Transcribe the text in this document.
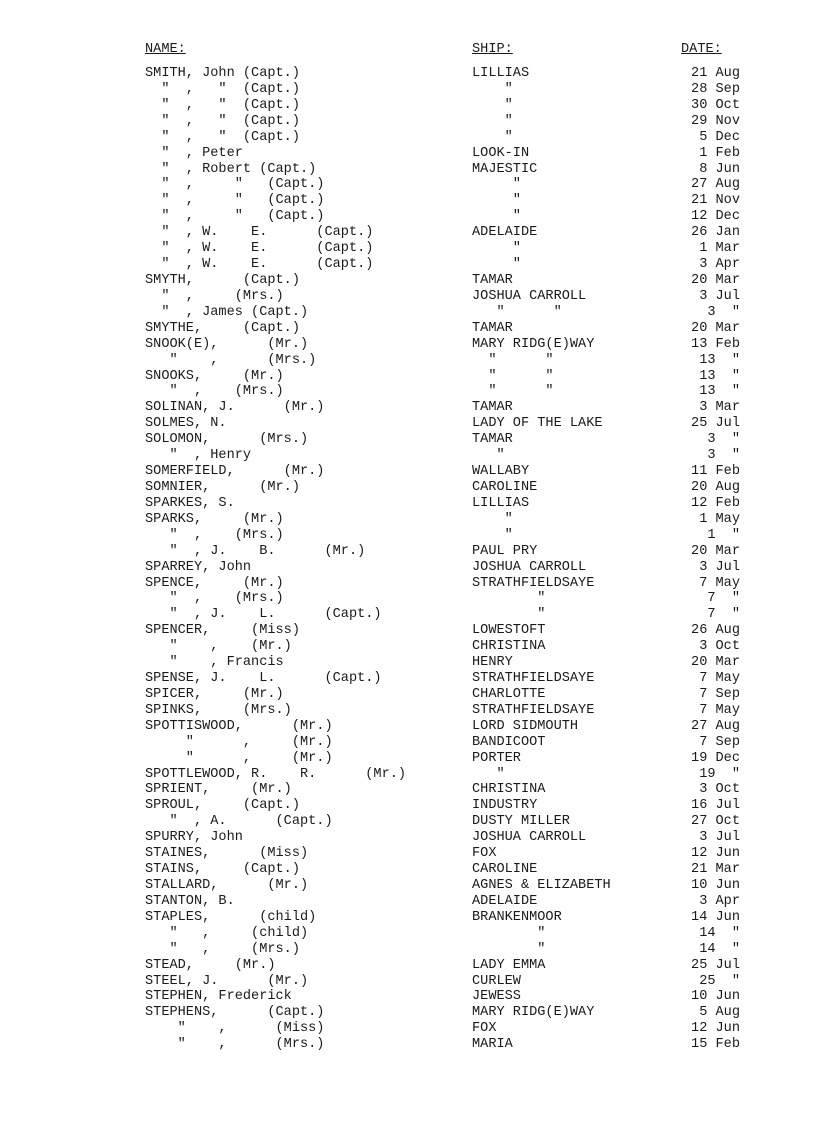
NAME:	SHIP:	DATE:
SMITH, John (Capt.)	LILLIAS	21 Aug
"  ,   "  (Capt.)	"	28 Sep
"  ,   "  (Capt.)	"	30 Oct
"  ,   "  (Capt.)	"	29 Nov
"  ,   "  (Capt.)	"	5 Dec
"  , Peter	LOOK-IN	1 Feb
"  , Robert (Capt.)	MAJESTIC	8 Jun
"  ,     "   (Capt.)	"	27 Aug
"  ,     "   (Capt.)	"	21 Nov
"  ,     "   (Capt.)	"	12 Dec
"  , W.    E.      (Capt.)	ADELAIDE	26 Jan
"  , W.    E.      (Capt.)	"	1 Mar
"  , W.    E.      (Capt.)	"	3 Apr
SMYTH,      (Capt.)	TAMAR	20 Mar
"  ,     (Mrs.)	JOSHUA CARROLL	3 Jul
"  , James (Capt.)	"      "	3  "
SMYTHE,     (Capt.)	TAMAR	20 Mar
SNOOK(E),      (Mr.)	MARY RIDG(E)WAY	13 Feb
"    ,      (Mrs.)	"      "	13  "
SNOOKS,     (Mr.)	"      "	13  "
"  ,    (Mrs.)	"      "	13  "
SOLINAN, J.      (Mr.)	TAMAR	3 Mar
SOLMES, N.	LADY OF THE LAKE	25 Jul
SOLOMON,      (Mrs.)	TAMAR	3  "
"  , Henry	"	3  "
SOMERFIELD,      (Mr.)	WALLABY	11 Feb
SOMNIER,      (Mr.)	CAROLINE	20 Aug
SPARKES, S.	LILLIAS	12 Feb
SPARKS,     (Mr.)	"	1 May
"  ,    (Mrs.)	"	1  "
"  , J.    B.      (Mr.)	PAUL PRY	20 Mar
SPARREY, John	JOSHUA CARROLL	3 Jul
SPENCE,     (Mr.)	STRATHFIELDSAYE	7 May
"  ,    (Mrs.)	"	7  "
"  , J.    L.      (Capt.)	"	7  "
SPENCER,     (Miss)	LOWESTOFT	26 Aug
"    ,    (Mr.)	CHRISTINA	3 Oct
"    , Francis	HENRY	20 Mar
SPENSE, J.    L.      (Capt.)	STRATHFIELDSAYE	7 May
SPICER,     (Mr.)	CHARLOTTE	7 Sep
SPINKS,     (Mrs.)	STRATHFIELDSAYE	7 May
SPOTTISWOOD,      (Mr.)	LORD SIDMOUTH	27 Aug
"      ,     (Mr.)	BANDICOOT	7 Sep
"      ,     (Mr.)	PORTER	19 Dec
SPOTTLEWOOD, R.    R.      (Mr.)	"	19  "
SPRIENT,     (Mr.)	CHRISTINA	3 Oct
SPROUL,     (Capt.)	INDUSTRY	16 Jul
"  , A.      (Capt.)	DUSTY MILLER	27 Oct
SPURRY, John	JOSHUA CARROLL	3 Jul
STAINES,      (Miss)	FOX	12 Jun
STAINS,     (Capt.)	CAROLINE	21 Mar
STALLARD,      (Mr.)	AGNES & ELIZABETH	10 Jun
STANTON, B.	ADELAIDE	3 Apr
STAPLES,      (child)	BRANKENMOOR	14 Jun
"   ,     (child)	"	14  "
"   ,     (Mrs.)	"	14  "
STEAD,     (Mr.)	LADY EMMA	25 Jul
STEEL, J.      (Mr.)	CURLEW	25  "
STEPHEN, Frederick	JEWESS	10 Jun
STEPHENS,      (Capt.)	MARY RIDG(E)WAY	5 Aug
"    ,      (Miss)	FOX	12 Jun
"    ,      (Mrs.)	MARIA	15 Feb
